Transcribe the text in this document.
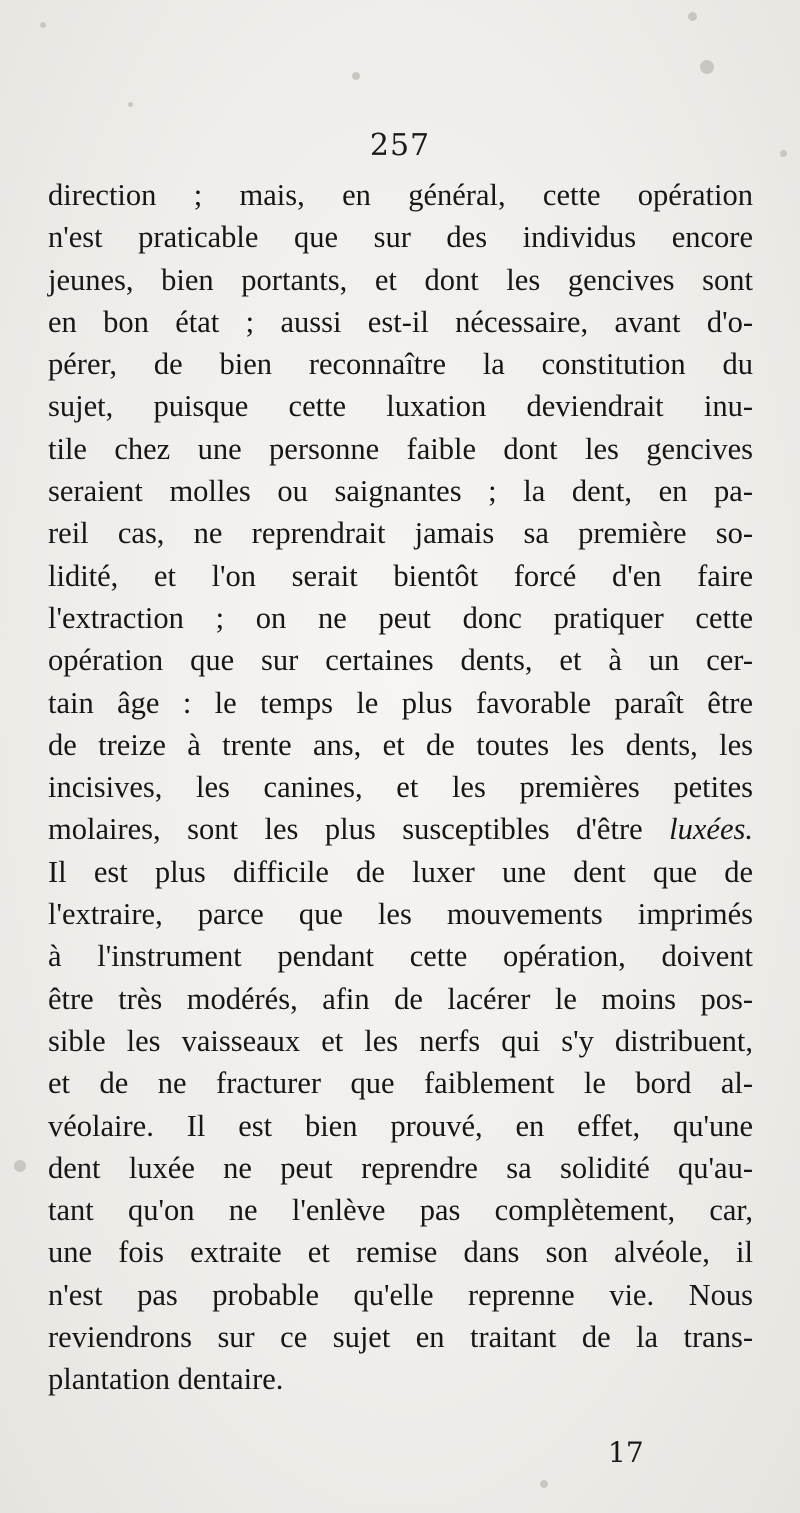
257
direction ; mais, en général, cette opération
n'est praticable que sur des individus encore
jeunes, bien portants, et dont les gencives sont
en bon état ; aussi est-il nécessaire, avant d'o-
pérer, de bien reconnaître la constitution du
sujet, puisque cette luxation deviendrait inu-
tile chez une personne faible dont les gencives
seraient molles ou saignantes ; la dent, en pa-
reil cas, ne reprendrait jamais sa première so-
lidité, et l'on serait bientôt forcé d'en faire
l'extraction ; on ne peut donc pratiquer cette
opération que sur certaines dents, et à un cer-
tain âge : le temps le plus favorable paraît être
de treize à trente ans, et de toutes les dents, les
incisives, les canines, et les premières petites
molaires, sont les plus susceptibles d'être luxées.
Il est plus difficile de luxer une dent que de
l'extraire, parce que les mouvements imprimés
à l'instrument pendant cette opération, doivent
être très modérés, afin de lacérer le moins pos-
sible les vaisseaux et les nerfs qui s'y distribuent,
et de ne fracturer que faiblement le bord al-
véolaire. Il est bien prouvé, en effet, qu'une
dent luxée ne peut reprendre sa solidité qu'au-
tant qu'on ne l'enlève pas complètement, car,
une fois extraite et remise dans son alvéole, il
n'est pas probable qu'elle reprenne vie. Nous
reviendrons sur ce sujet en traitant de la trans-
plantation dentaire.
17
